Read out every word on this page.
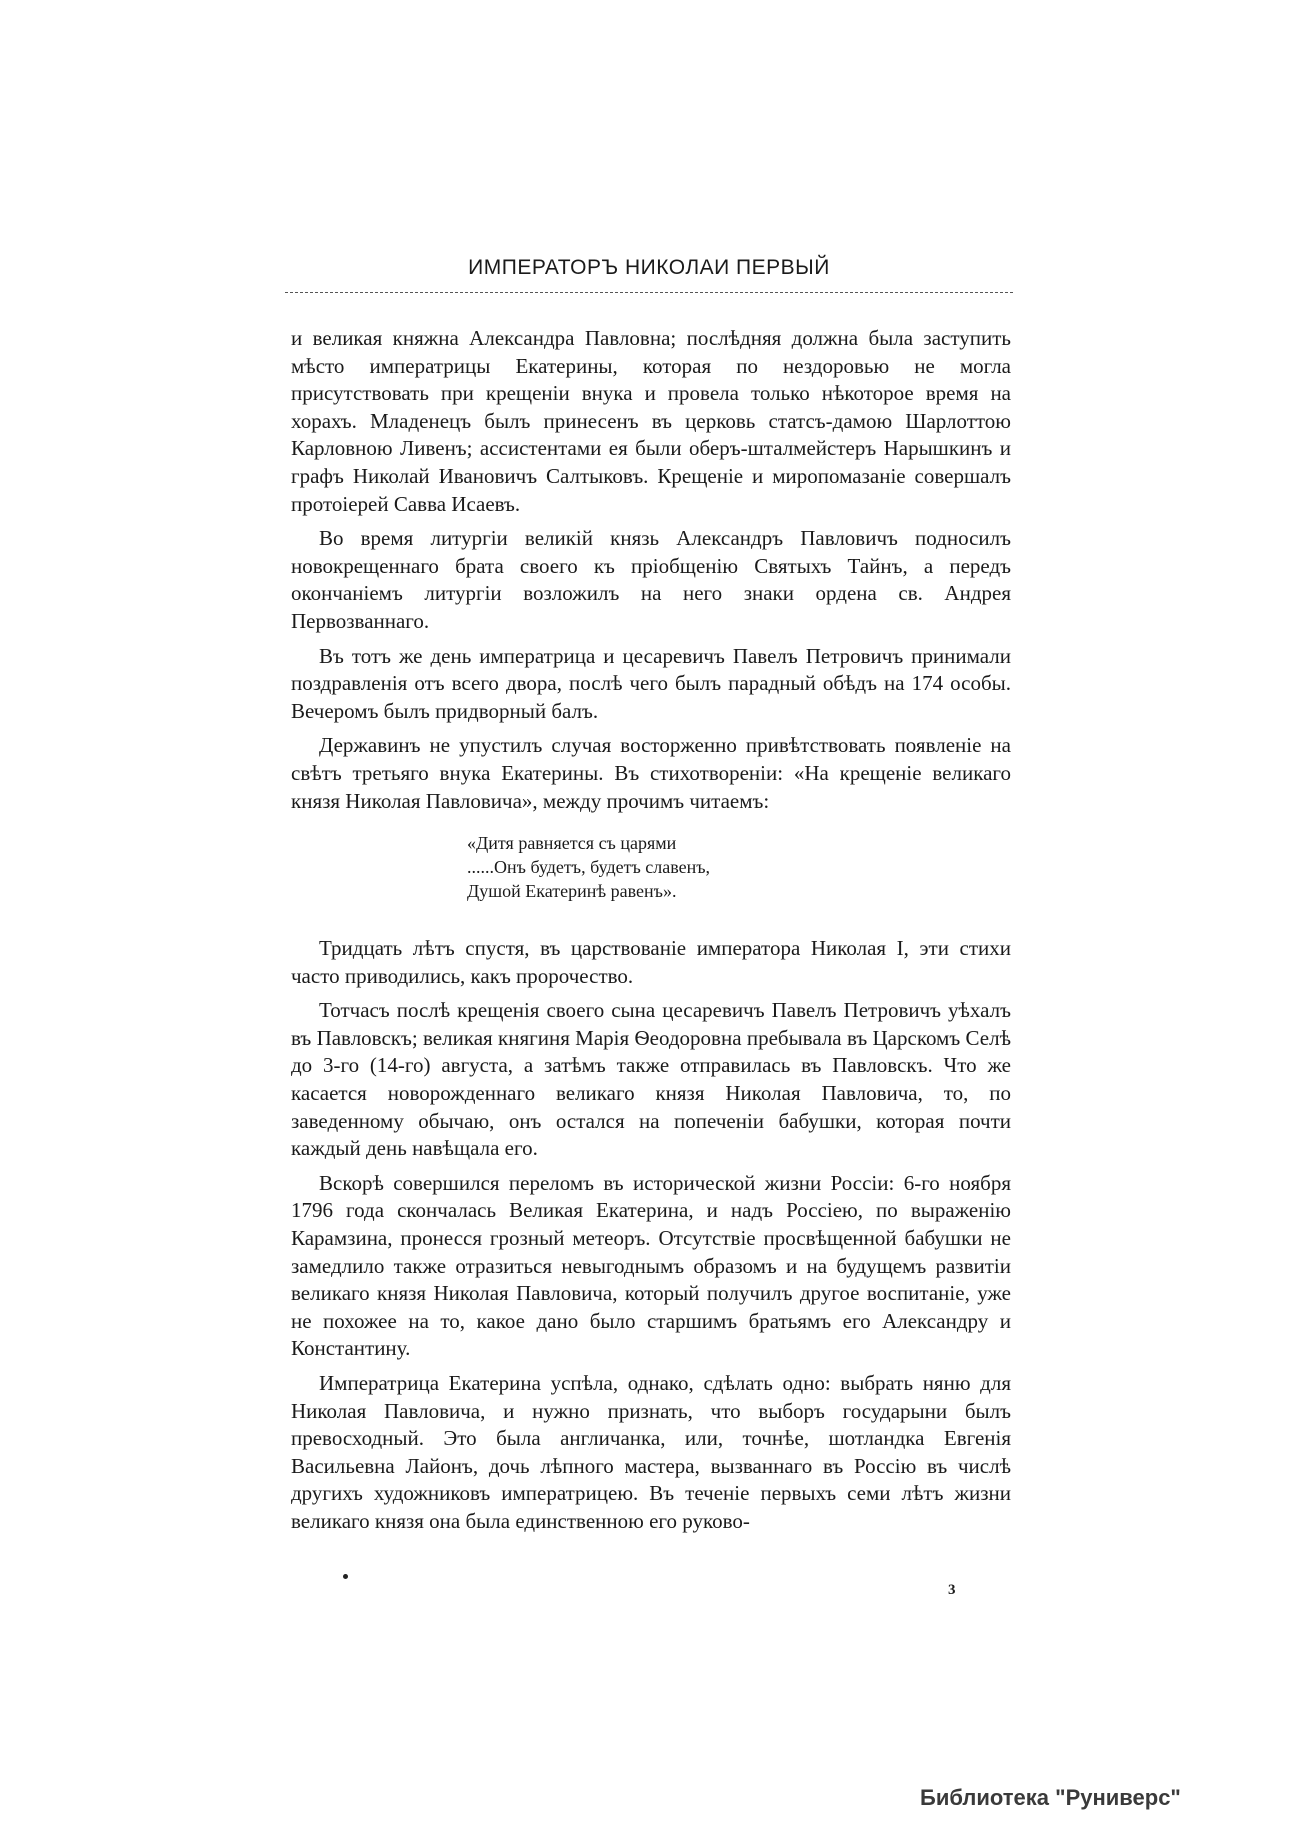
ИМПЕРАТОРЪ НИКОЛАИ ПЕРВЫЙ

и великая княжна Александра Павловна; послѣдняя должна была заступить мѣсто императрицы Екатерины, которая по нездоровью не могла присутствовать при крещеніи внука и провела только нѣкоторое время на хорахъ. Младенецъ былъ принесенъ въ церковь статсъ-дамою Шарлоттою Карловною Ливенъ; ассистентами ея были оберъ-шталмейстеръ Нарышкинъ и графъ Николай Ивановичъ Салтыковъ. Крещеніе и миропомазаніе совершалъ протоіерей Савва Исаевъ.

Во время литургіи великій князь Александръ Павловичъ подносилъ новокрещеннаго брата своего къ пріобщенію Святыхъ Тайнъ, а передъ окончаніемъ литургіи возложилъ на него знаки ордена св. Андрея Первозваннаго.

Въ тотъ же день императрица и цесаревичъ Павелъ Петровичъ принимали поздравленія отъ всего двора, послѣ чего былъ парадный обѣдъ на 174 особы. Вечеромъ былъ придворный балъ.

Державинъ не упустилъ случая восторженно привѣтствовать появленіе на свѣтъ третьяго внука Екатерины. Въ стихотвореніи: «На крещеніе великаго князя Николая Павловича», между прочимъ читаемъ:

«Дитя равняется съ царями
......Онъ будетъ, будетъ славенъ,
Душой Екатеринѣ равенъ».

Тридцать лѣтъ спустя, въ царствованіе императора Николая I, эти стихи часто приводились, какъ пророчество.

Тотчасъ послѣ крещенія своего сына цесаревичъ Павелъ Петровичъ уѣхалъ въ Павловскъ; великая княгиня Марія Ѳеодоровна пребывала въ Царскомъ Селѣ до 3-го (14-го) августа, а затѣмъ также отправилась въ Павловскъ. Что же касается новорожденнаго великаго князя Николая Павловича, то, по заведенному обычаю, онъ остался на попеченіи бабушки, которая почти каждый день навѣщала его.

Вскорѣ совершился переломъ въ исторической жизни Россіи: 6-го ноября 1796 года скончалась Великая Екатерина, и надъ Россіею, по выраженію Карамзина, пронесся грозный метеоръ. Отсутствіе просвѣщенной бабушки не замедлило также отразиться невыгоднымъ образомъ и на будущемъ развитіи великаго князя Николая Павловича, который получилъ другое воспитаніе, уже не похожее на то, какое дано было старшимъ братьямъ его Александру и Константину.

Императрица Екатерина успѣла, однако, сдѣлать одно: выбрать няню для Николая Павловича, и нужно признать, что выборъ государыни былъ превосходный. Это была англичанка, или, точнѣе, шотландка Евгенія Васильевна Лайонъ, дочь лѣпного мастера, вызваннаго въ Россію въ числѣ другихъ художниковъ императрицею. Въ теченіе первыхъ семи лѣтъ жизни великаго князя она была единственною его руково-

3
Библиотека "Руниверс"
